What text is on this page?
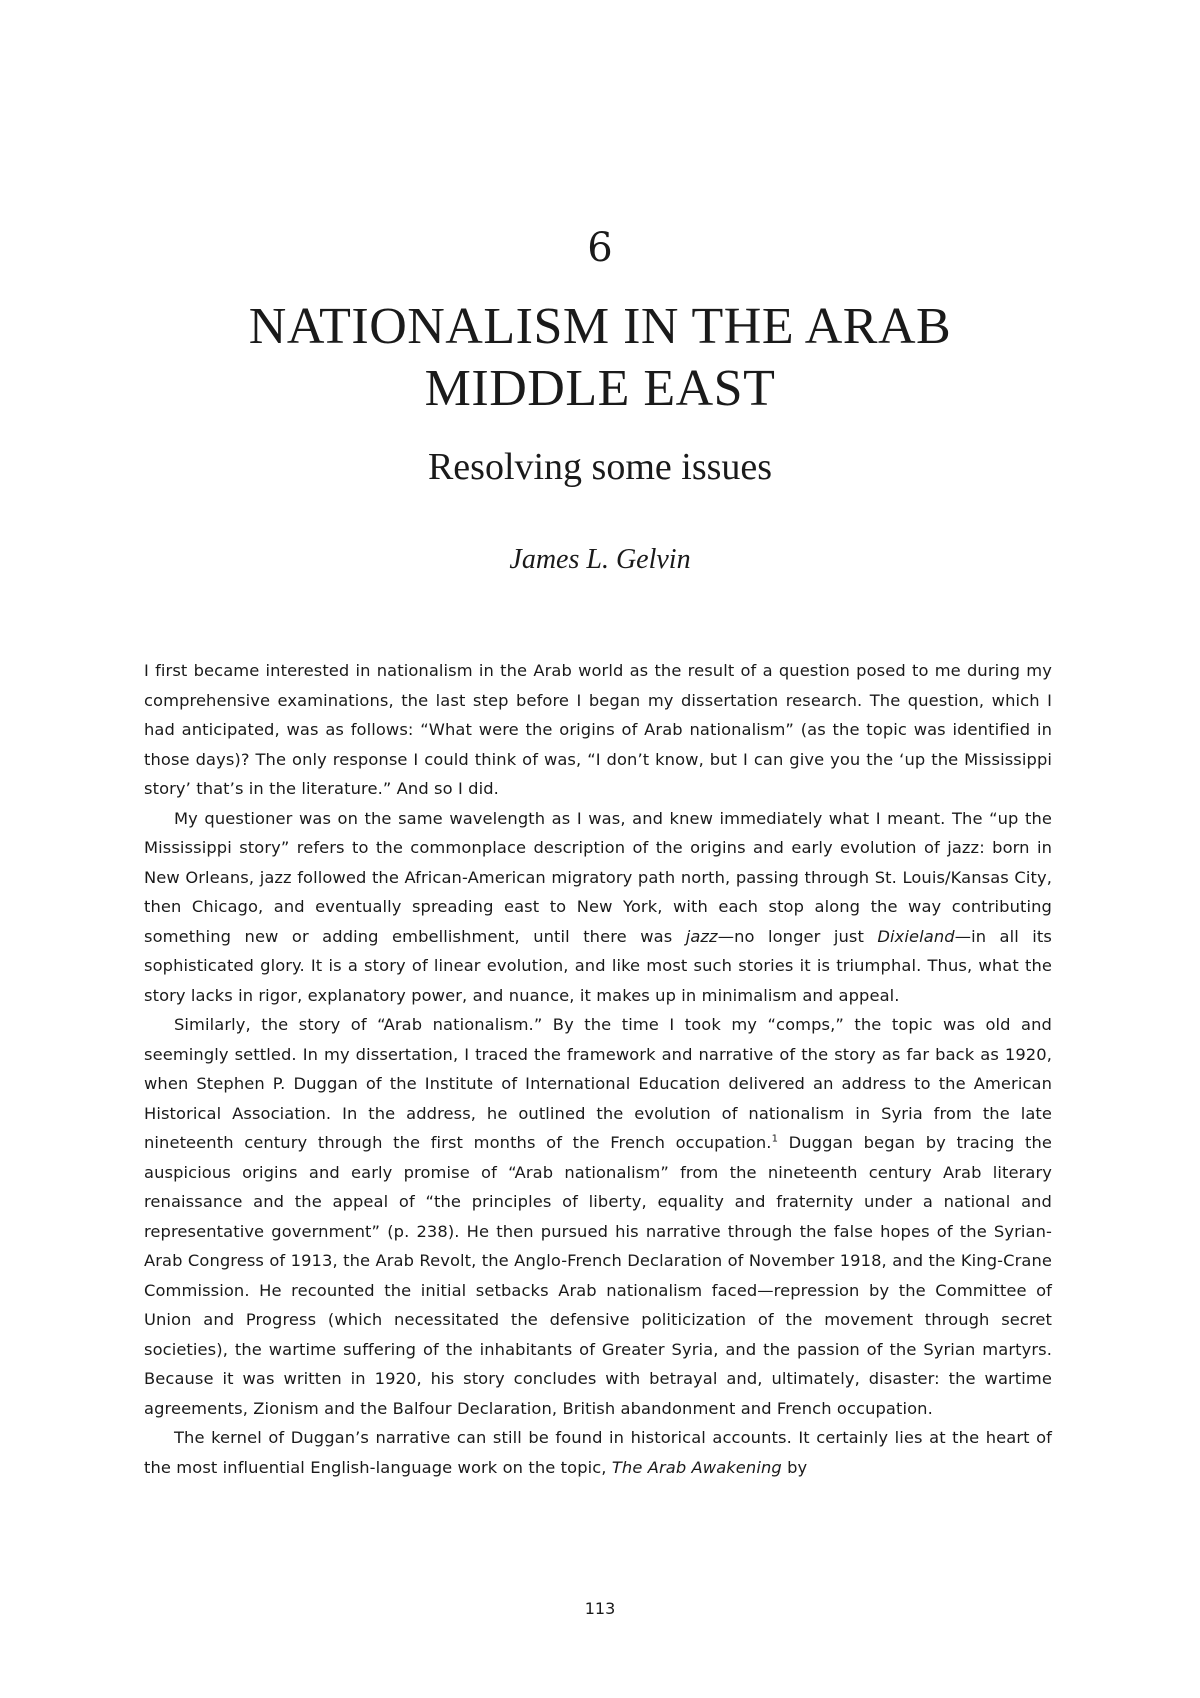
6
NATIONALISM IN THE ARAB MIDDLE EAST
Resolving some issues
James L. Gelvin

I first became interested in nationalism in the Arab world as the result of a question posed to me during my comprehensive examinations, the last step before I began my dissertation research. The question, which I had anticipated, was as follows: “What were the origins of Arab nationalism” (as the topic was identified in those days)? The only response I could think of was, “I don’t know, but I can give you the ‘up the Mississippi story’ that’s in the literature.” And so I did.

My questioner was on the same wavelength as I was, and knew immediately what I meant. The “up the Mississippi story” refers to the commonplace description of the origins and early evolution of jazz: born in New Orleans, jazz followed the African-American migratory path north, passing through St. Louis/Kansas City, then Chicago, and eventually spreading east to New York, with each stop along the way contributing something new or adding embellishment, until there was jazz—no longer just Dixieland—in all its sophisticated glory. It is a story of linear evolution, and like most such stories it is triumphal. Thus, what the story lacks in rigor, explanatory power, and nuance, it makes up in minimalism and appeal.

Similarly, the story of “Arab nationalism.” By the time I took my “comps,” the topic was old and seemingly settled. In my dissertation, I traced the framework and narrative of the story as far back as 1920, when Stephen P. Duggan of the Institute of International Education delivered an address to the American Historical Association. In the address, he outlined the evolution of nationalism in Syria from the late nineteenth century through the first months of the French occupation.$^1$ Duggan began by tracing the auspicious origins and early promise of “Arab nationalism” from the nineteenth century Arab literary renaissance and the appeal of “the principles of liberty, equality and fraternity under a national and representative government” (p. 238). He then pursued his narrative through the false hopes of the Syrian-Arab Congress of 1913, the Arab Revolt, the Anglo-French Declaration of November 1918, and the King-Crane Commission. He recounted the initial setbacks Arab nationalism faced—repression by the Committee of Union and Progress (which necessitated the defensive politicization of the movement through secret societies), the wartime suffering of the inhabitants of Greater Syria, and the passion of the Syrian martyrs. Because it was written in 1920, his story concludes with betrayal and, ultimately, disaster: the wartime agreements, Zionism and the Balfour Declaration, British abandonment and French occupation.

The kernel of Duggan’s narrative can still be found in historical accounts. It certainly lies at the heart of the most influential English-language work on the topic, The Arab Awakening by

113
